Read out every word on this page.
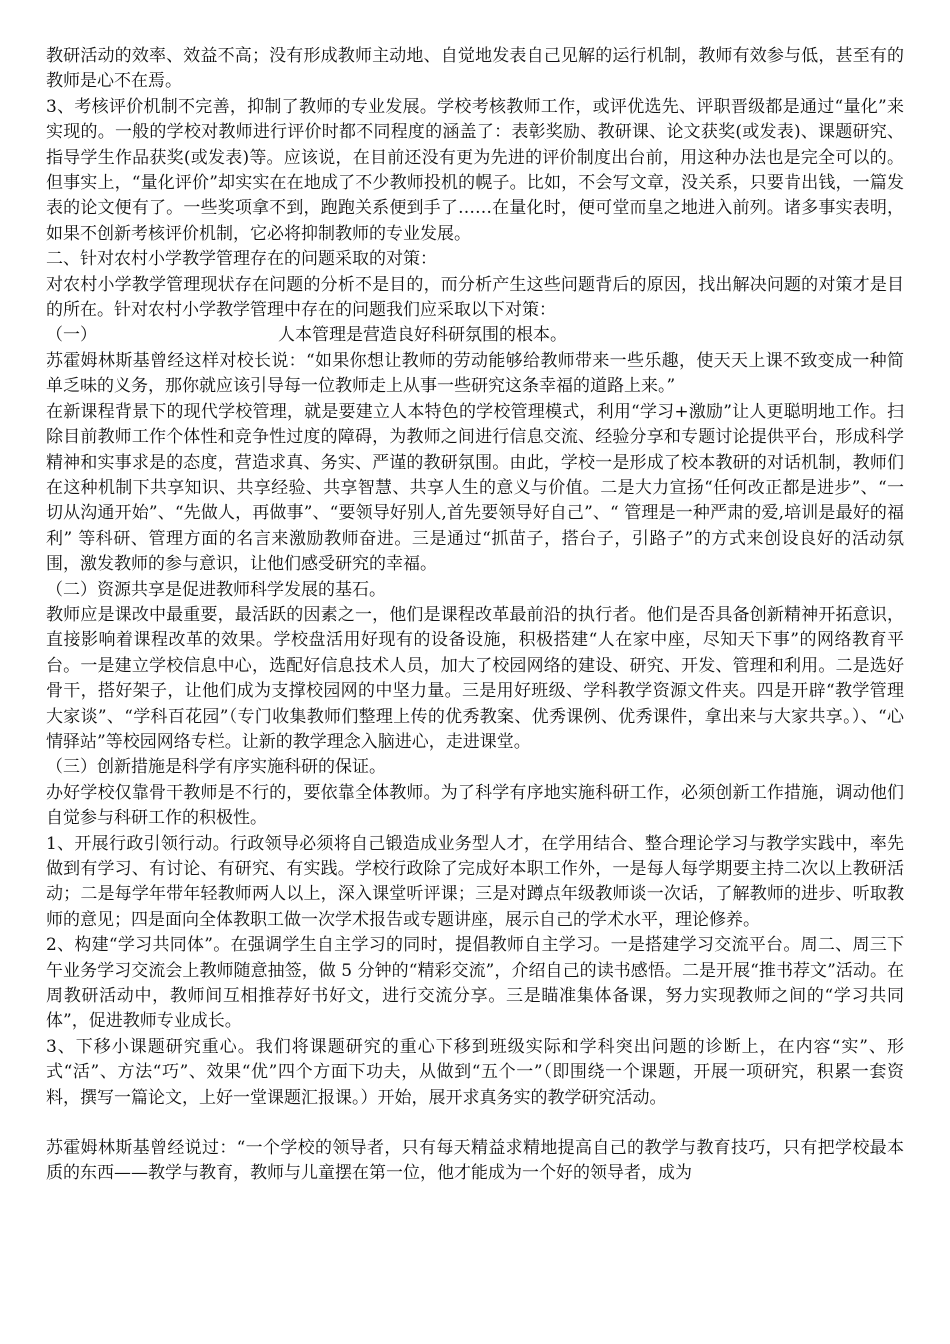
教研活动的效率、效益不高；没有形成教师主动地、自觉地发表自己见解的运行机制，教师有效参与低，甚至有的教师是心不在焉。

3、考核评价机制不完善，抑制了教师的专业发展。学校考核教师工作，或评优选先、评职晋级都是通过“量化”来实现的。一般的学校对教师进行评价时都不同程度的涵盖了：表彰奖励、教研课、论文获奖(或发表)、课题研究、指导学生作品获奖(或发表)等。应该说，在目前还没有更为先进的评价制度出台前，用这种办法也是完全可以的。但事实上，“量化评价”却实实在在地成了不少教师投机的幌子。比如，不会写文章，没关系，只要肯出钱，一篇发表的论文便有了。一些奖项拿不到，跑跑关系便到手了……在量化时，便可堂而皇之地进入前列。诸多事实表明，如果不创新考核评价机制，它必将抑制教师的专业发展。

二、针对农村小学教学管理存在的问题采取的对策：

对农村小学教学管理现状存在问题的分析不是目的，而分析产生这些问题背后的原因，找出解决问题的对策才是目的所在。针对农村小学教学管理中存在的问题我们应采取以下对策：

（一）	人本管理是营造良好科研氛围的根本。

苏霍姆林斯基曾经这样对校长说：“如果你想让教师的劳动能够给教师带来一些乐趣，使天天上课不致变成一种简单乏味的义务，那你就应该引导每一位教师走上从事一些研究这条幸福的道路上来。”

在新课程背景下的现代学校管理，就是要建立人本特色的学校管理模式，利用“学习+激励”让人更聪明地工作。扫除目前教师工作个体性和竞争性过度的障碍，为教师之间进行信息交流、经验分享和专题讨论提供平台，形成科学精神和实事求是的态度，营造求真、务实、严谨的教研氛围。由此，学校一是形成了校本教研的对话机制，教师们在这种机制下共享知识、共享经验、共享智慧、共享人生的意义与价值。二是大力宣扬“任何改正都是进步”、“一切从沟通开始”、“先做人，再做事”、“要领导好别人,首先要领导好自己”、“ 管理是一种严肃的爱,培训是最好的福利” 等科研、管理方面的名言来激励教师奋进。三是通过“抓苗子，搭台子，引路子”的方式来创设良好的活动氛围，激发教师的参与意识，让他们感受研究的幸福。

（二）资源共享是促进教师科学发展的基石。

教师应是课改中最重要，最活跃的因素之一，他们是课程改革最前沿的执行者。他们是否具备创新精神开拓意识，直接影响着课程改革的效果。学校盘活用好现有的设备设施，积极搭建“人在家中座，尽知天下事”的网络教育平台。一是建立学校信息中心，选配好信息技术人员，加大了校园网络的建设、研究、开发、管理和利用。二是选好骨干，搭好架子，让他们成为支撑校园网的中坚力量。三是用好班级、学科教学资源文件夹。四是开辟“教学管理大家谈”、“学科百花园”（专门收集教师们整理上传的优秀教案、优秀课例、优秀课件，拿出来与大家共享。）、“心情驿站”等校园网络专栏。让新的教学理念入脑进心，走进课堂。

（三）创新措施是科学有序实施科研的保证。

办好学校仅靠骨干教师是不行的，要依靠全体教师。为了科学有序地实施科研工作，必须创新工作措施，调动他们自觉参与科研工作的积极性。

1、开展行政引领行动。行政领导必须将自己锻造成业务型人才，在学用结合、整合理论学习与教学实践中，率先做到有学习、有讨论、有研究、有实践。学校行政除了完成好本职工作外，一是每人每学期要主持二次以上教研活动；二是每学年带年轻教师两人以上，深入课堂听评课；三是对蹲点年级教师谈一次话，了解教师的进步、听取教师的意见；四是面向全体教职工做一次学术报告或专题讲座，展示自己的学术水平，理论修养。

2、构建“学习共同体”。在强调学生自主学习的同时，提倡教师自主学习。一是搭建学习交流平台。周二、周三下午业务学习交流会上教师随意抽签，做 5 分钟的“精彩交流”，介绍自己的读书感悟。二是开展“推书荐文”活动。在周教研活动中，教师间互相推荐好书好文，进行交流分享。三是瞄准集体备课，努力实现教师之间的“学习共同体”，促进教师专业成长。

3、下移小课题研究重心。我们将课题研究的重心下移到班级实际和学科突出问题的诊断上，在内容“实”、形式“活”、方法“巧”、效果“优”四个方面下功夫，从做到“五个一”（即围绕一个课题，开展一项研究，积累一套资料，撰写一篇论文，上好一堂课题汇报课。）开始，展开求真务实的教学研究活动。

苏霍姆林斯基曾经说过：“一个学校的领导者，只有每天精益求精地提高自己的教学与教育技巧，只有把学校最本质的东西——教学与教育，教师与儿童摆在第一位，他才能成为一个好的领导者，成为
